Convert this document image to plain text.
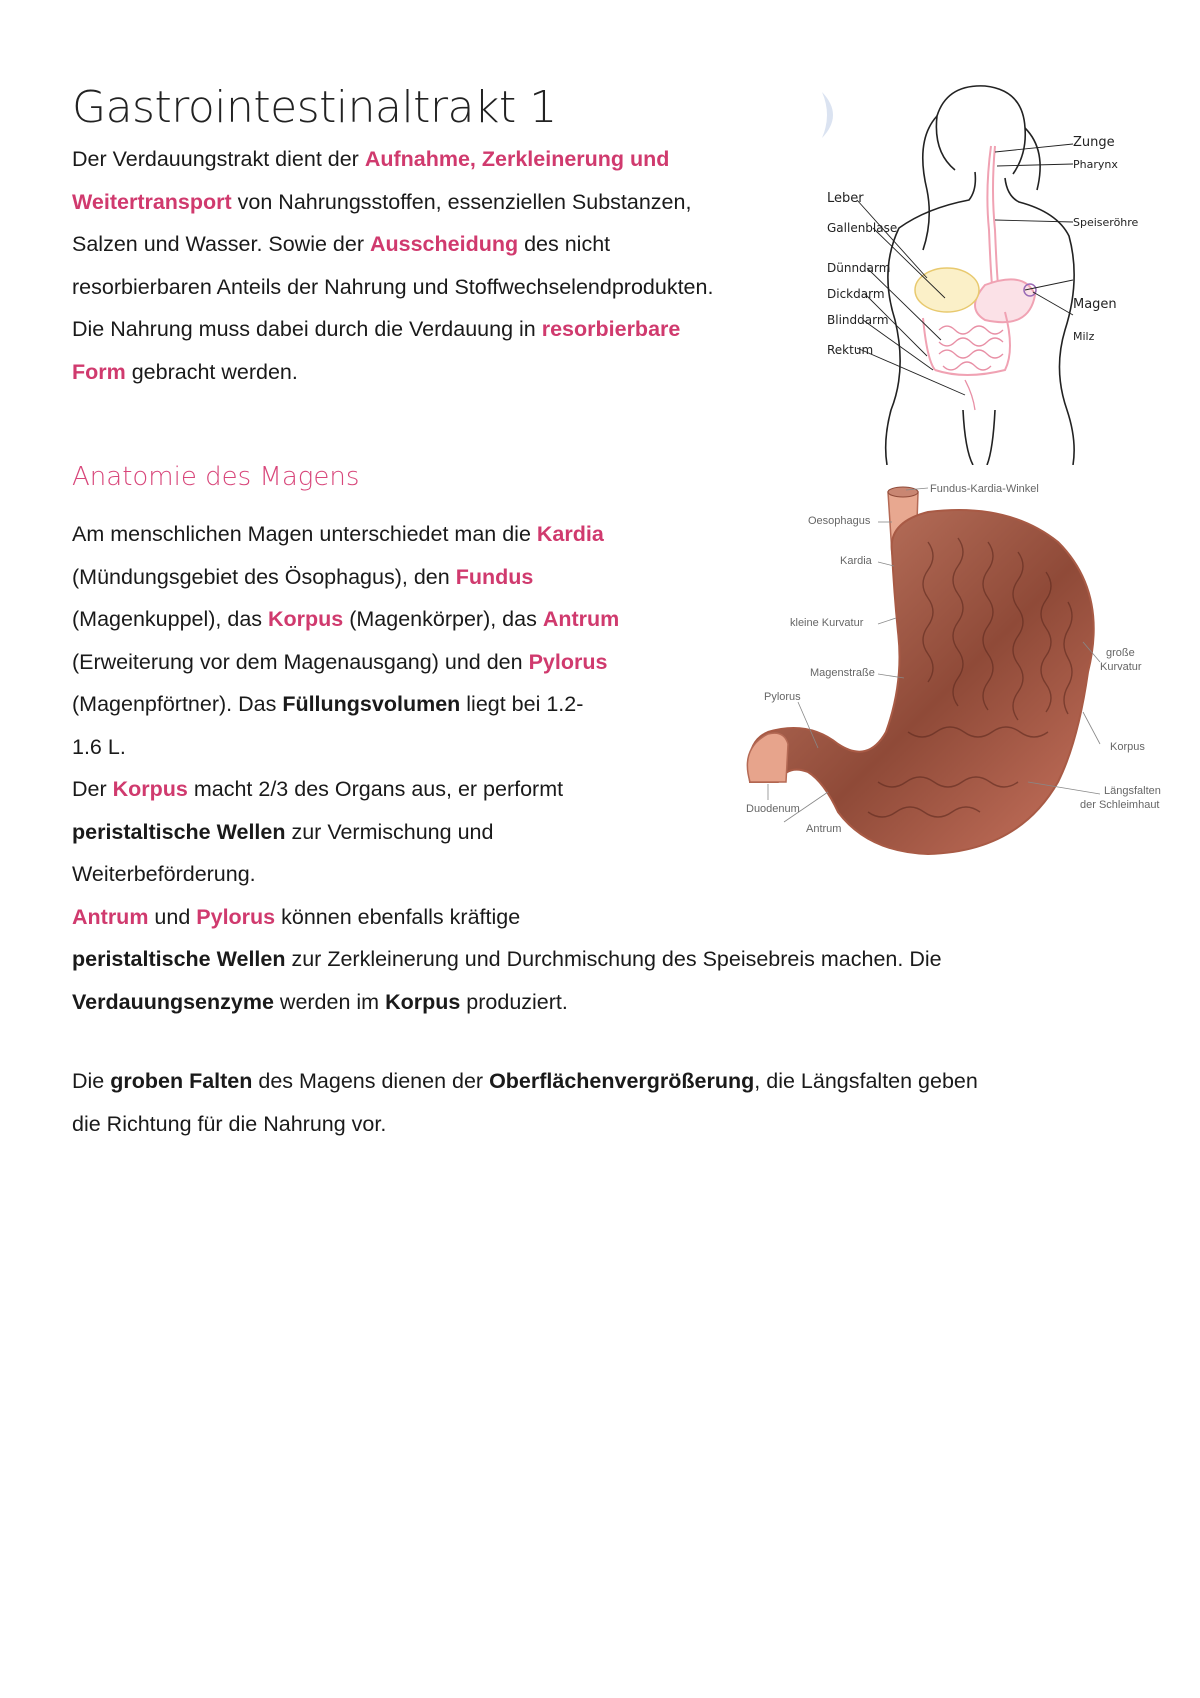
Gastrointestinaltrakt 1

Der Verdauungstrakt dient der Aufnahme, Zerkleinerung und
Weitertransport von Nahrungsstoffen, essenziellen Substanzen,
Salzen und Wasser. Sowie der Ausscheidung des nicht
resorbierbaren Anteils der Nahrung und Stoffwechselendprodukten.
Die Nahrung muss dabei durch die Verdauung in resorbierbare
Form gebracht werden.

Anatomie des Magens

Am menschlichen Magen unterschiedet man die Kardia
(Mündungsgebiet des Ösophagus), den Fundus
(Magenkuppel), das Korpus (Magenkörper), das Antrum
(Erweiterung vor dem Magenausgang) und den Pylorus
(Magenpförtner). Das Füllungsvolumen liegt bei 1.2-
1.6 L.
Der Korpus macht 2/3 des Organs aus, er performt
peristaltische Wellen zur Vermischung und
Weiterbeförderung.
Antrum und Pylorus können ebenfalls kräftige
peristaltische Wellen zur Zerkleinerung und Durchmischung des Speisebreis machen. Die
Verdauungsenzyme werden im Korpus produziert.

Die groben Falten des Magens dienen der Oberflächenvergrößerung, die Längsfalten geben
die Richtung für die Nahrung vor.

Zunge
Pharynx
Speiseröhre
Magen
Milz
Leber
Gallenblase
Dünndarm
Dickdarm
Blinddarm
Rektum
Fundus-Kardia-Winkel
Oesophagus
Kardia
kleine Kurvatur
Magenstraße
Pylorus
große
Kurvatur
Korpus
Längsfalten
der Schleimhaut
Duodenum
Antrum
